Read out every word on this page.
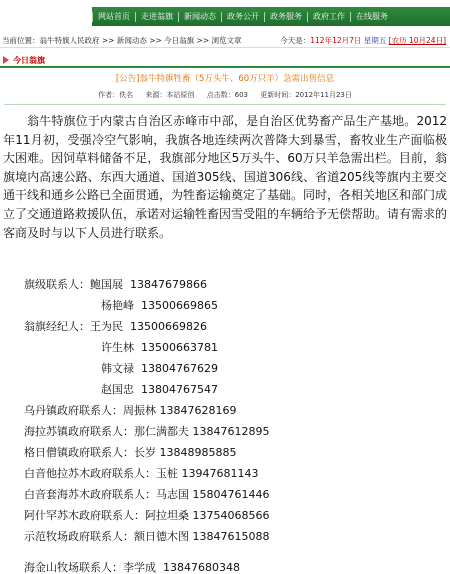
网站首页	走进翁旗	新闻动态	政务公开	政务服务	政府工作	在线服务
当前位置：翁牛特旗人民政府 >> 新闻动态 >> 今日翁旗 >> 浏览文章	今天是：112年12月7日 星期五 [农历 10月24日]
今日翁旗
[公告]翁牛特旗牲畜（5万头牛、60万只羊）急需出售信息
作者：佚名 来源：本站原创 点击数：603 更新时间：2012年11月23日

翁牛特旗位于内蒙古自治区赤峰市中部，是自治区优势畜产品生产基地。2012年11月初，受强冷空气影响，我旗各地连续两次普降大到暴雪，畜牧业生产面临极大困难。因饲草料储备不足，我旗部分地区5万头牛、60万只羊急需出栏。目前，翁旗境内高速公路、东西大通道、国道305线、国道306线、省道205线等旗内主要交通干线和通乡公路已全面贯通，为牲畜运输奠定了基础。同时，各相关地区和部门成立了交通道路救援队伍，承诺对运输牲畜因雪受阻的车辆给予无偿帮助。请有需求的客商及时与以下人员进行联系。

旗级联系人：鲍国展 13847679866
杨艳峰 13500669865
翁旗经纪人：王为民 13500669826
许生林 13500663781
韩文禄 13804767629
赵国忠 13804767547
乌丹镇政府联系人：周振林 13847628169
海拉苏镇政府联系人：那仁满都夫 13847612895
格日僧镇政府联系人：长岁 13848985885
白音他拉苏木政府联系人：玉桩 13947681143
白音套海苏木政府联系人：马志国 15804761446
阿什罕苏木政府联系人：阿拉坦桑 13754068566
示范牧场政府联系人：额日德木图 13847615088
海金山牧场联系人：李学成 13847680348
